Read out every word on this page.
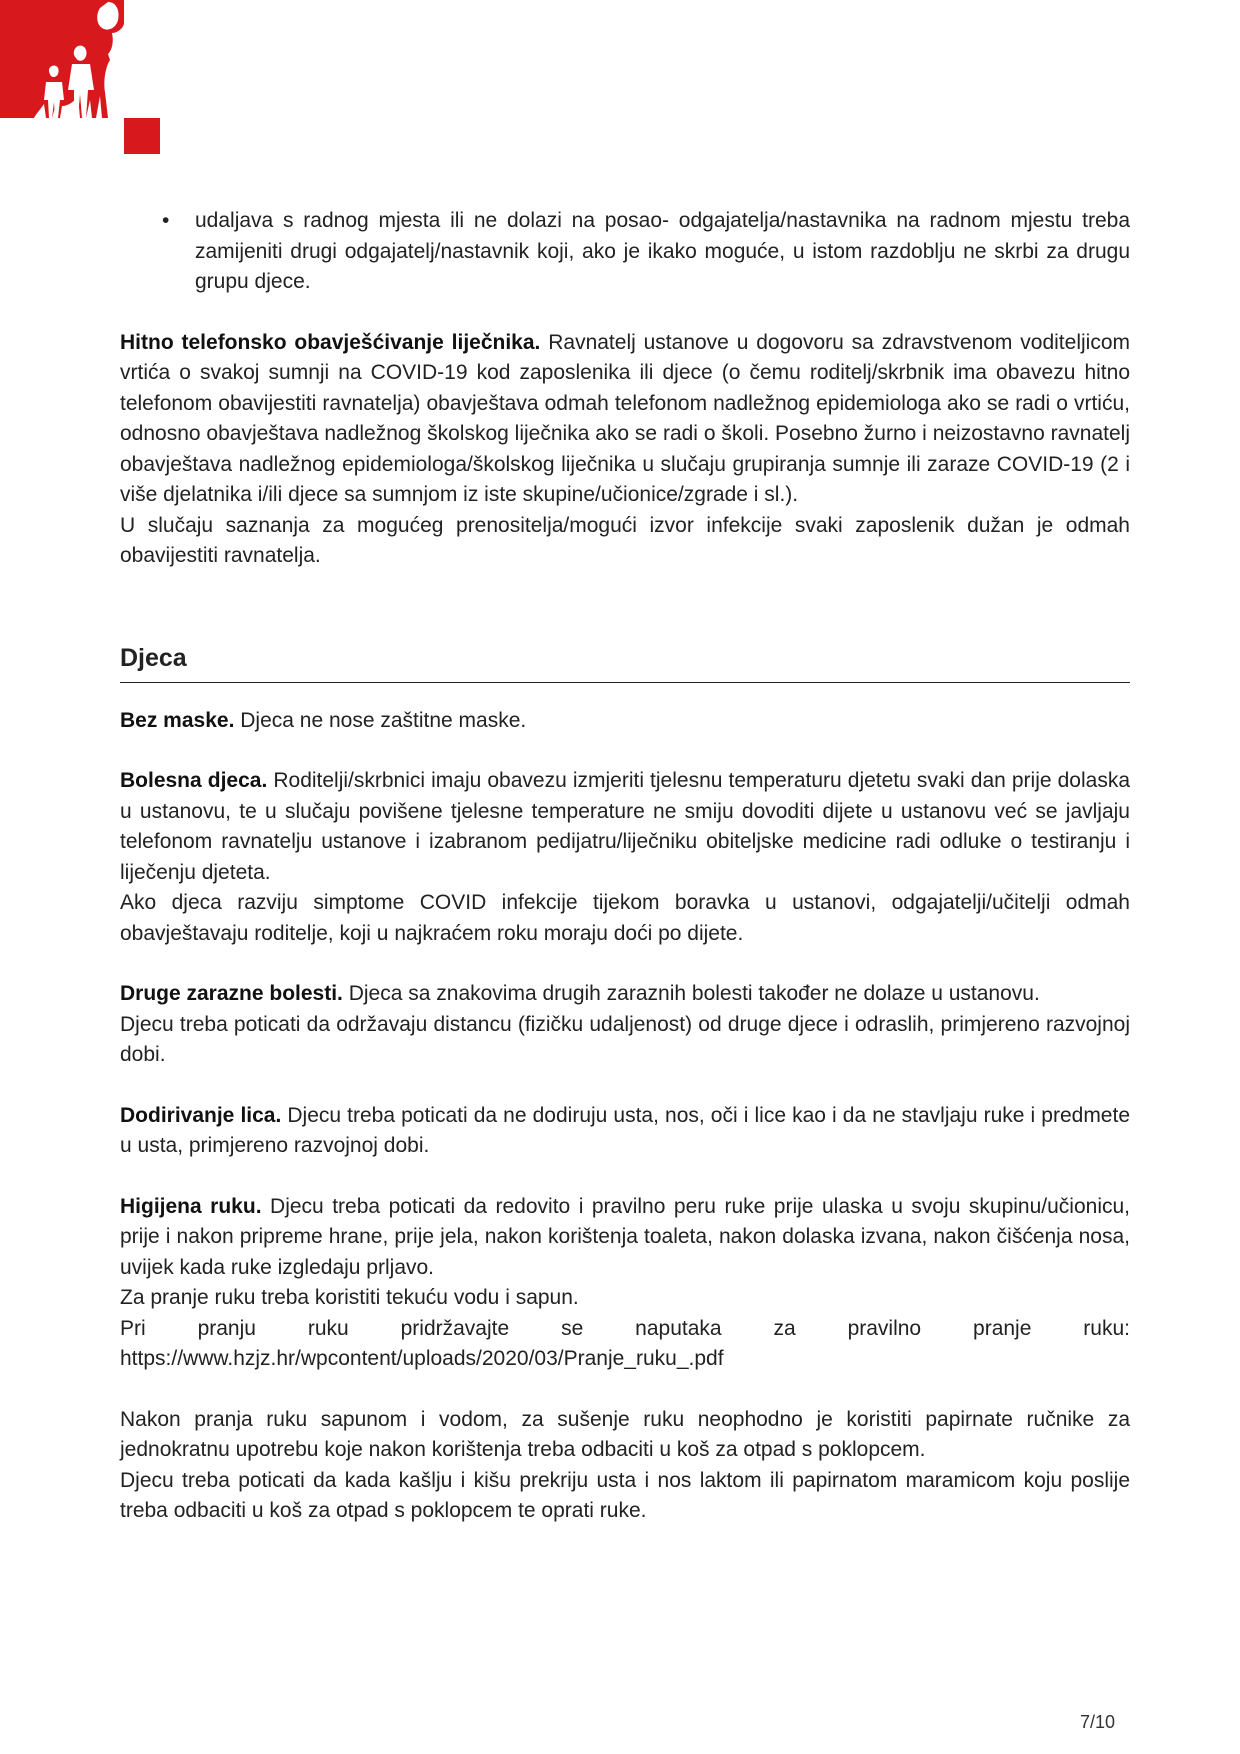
• udaljava s radnog mjesta ili ne dolazi na posao- odgajatelja/nastavnika na radnom mjestu treba zamijeniti drugi odgajatelj/nastavnik koji, ako je ikako moguće, u istom razdoblju ne skrbi za drugu grupu djece.

Hitno telefonsko obavješćivanje liječnika. Ravnatelj ustanove u dogovoru sa zdravstvenom voditeljicom vrtića o svakoj sumnji na COVID-19 kod zaposlenika ili djece (o čemu roditelj/skrbnik ima obavezu hitno telefonom obavijestiti ravnatelja) obavještava odmah telefonom nadležnog epidemiologa ako se radi o vrtiću, odnosno obavještava nadležnog školskog liječnika ako se radi o školi. Posebno žurno i neizostavno ravnatelj obavještava nadležnog epidemiologa/školskog liječnika u slučaju grupiranja sumnje ili zaraze COVID-19 (2 i više djelatnika i/ili djece sa sumnjom iz iste skupine/učionice/zgrade i sl.).

U slučaju saznanja za mogućeg prenositelja/mogući izvor infekcije svaki zaposlenik dužan je odmah obavijestiti ravnatelja.

Djeca

Bez maske. Djeca ne nose zaštitne maske.

Bolesna djeca. Roditelji/skrbnici imaju obavezu izmjeriti tjelesnu temperaturu djetetu svaki dan prije dolaska u ustanovu, te u slučaju povišene tjelesne temperature ne smiju dovoditi dijete u ustanovu već se javljaju telefonom ravnatelju ustanove i izabranom pedijatru/liječniku obiteljske medicine radi odluke o testiranju i liječenju djeteta.

Ako djeca razviju simptome COVID infekcije tijekom boravka u ustanovi, odgajatelji/učitelji odmah obavještavaju roditelje, koji u najkraćem roku moraju doći po dijete.

Druge zarazne bolesti. Djeca sa znakovima drugih zaraznih bolesti također ne dolaze u ustanovu.

Djecu treba poticati da održavaju distancu (fizičku udaljenost) od druge djece i odraslih, primjereno razvojnoj dobi.

Dodirivanje lica. Djecu treba poticati da ne dodiruju usta, nos, oči i lice kao i da ne stavljaju ruke i predmete u usta, primjereno razvojnoj dobi.

Higijena ruku. Djecu treba poticati da redovito i pravilno peru ruke prije ulaska u svoju skupinu/učionicu, prije i nakon pripreme hrane, prije jela, nakon korištenja toaleta, nakon dolaska izvana, nakon čišćenja nosa, uvijek kada ruke izgledaju prljavo.

Za pranje ruku treba koristiti tekuću vodu i sapun.

Pri pranju ruku pridržavajte se naputaka za pravilno pranje ruku: https://www.hzjz.hr/wpcontent/uploads/2020/03/Pranje_ruku_.pdf

Nakon pranja ruku sapunom i vodom, za sušenje ruku neophodno je koristiti papirnate ručnike za jednokratnu upotrebu koje nakon korištenja treba odbaciti u koš za otpad s poklopcem.

Djecu treba poticati da kada kašlju i kišu prekriju usta i nos laktom ili papirnatom maramicom koju poslije treba odbaciti u koš za otpad s poklopcem te oprati ruke.

7/10
